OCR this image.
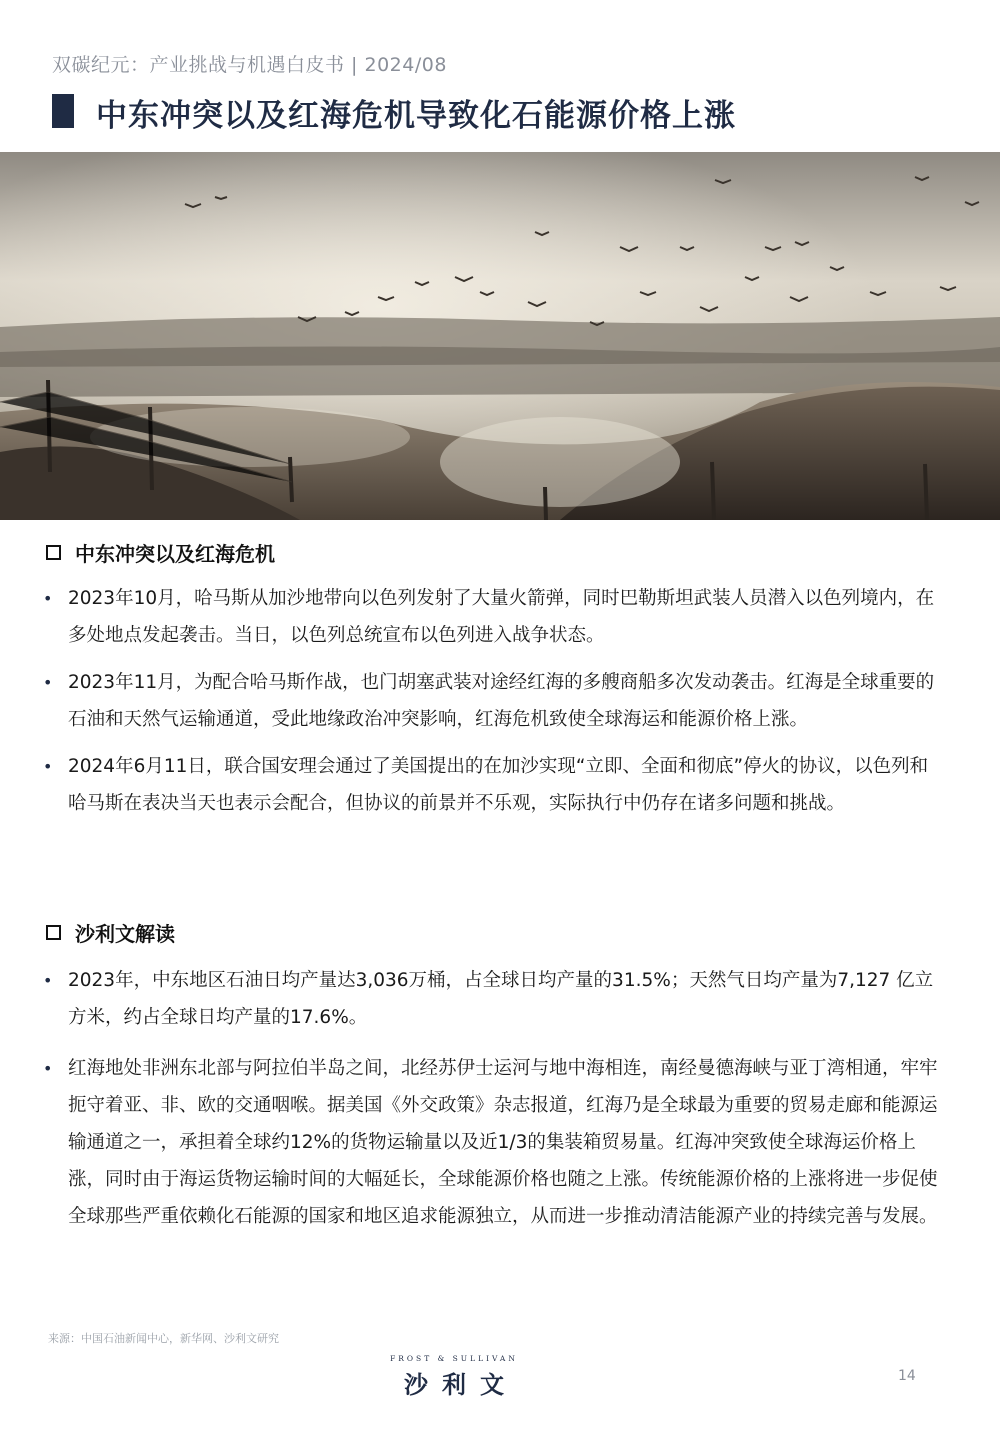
双碳纪元：产业挑战与机遇白皮书 | 2024/08
中东冲突以及红海危机导致化石能源价格上涨
中东冲突以及红海危机
• 2023年10月，哈马斯从加沙地带向以色列发射了大量火箭弹，同时巴勒斯坦武装人员潜入以色列境内，在多处地点发起袭击。当日，以色列总统宣布以色列进入战争状态。
• 2023年11月，为配合哈马斯作战，也门胡塞武装对途经红海的多艘商船多次发动袭击。红海是全球重要的石油和天然气运输通道，受此地缘政治冲突影响，红海危机致使全球海运和能源价格上涨。
• 2024年6月11日，联合国安理会通过了美国提出的在加沙实现“立即、全面和彻底”停火的协议，以色列和哈马斯在表决当天也表示会配合，但协议的前景并不乐观，实际执行中仍存在诸多问题和挑战。
沙利文解读
• 2023年，中东地区石油日均产量达3,036万桶，占全球日均产量的31.5%；天然气日均产量为7,127 亿立方米，约占全球日均产量的17.6%。
• 红海地处非洲东北部与阿拉伯半岛之间，北经苏伊士运河与地中海相连，南经曼德海峡与亚丁湾相通，牢牢扼守着亚、非、欧的交通咽喉。据美国《外交政策》杂志报道，红海乃是全球最为重要的贸易走廊和能源运输通道之一，承担着全球约12%的货物运输量以及近1/3的集装箱贸易量。红海冲突致使全球海运价格上涨，同时由于海运货物运输时间的大幅延长，全球能源价格也随之上涨。传统能源价格的上涨将进一步促使全球那些严重依赖化石能源的国家和地区追求能源独立，从而进一步推动清洁能源产业的持续完善与发展。
来源：中国石油新闻中心，新华网、沙利文研究
FROST & SULLIVAN
沙利文	14
